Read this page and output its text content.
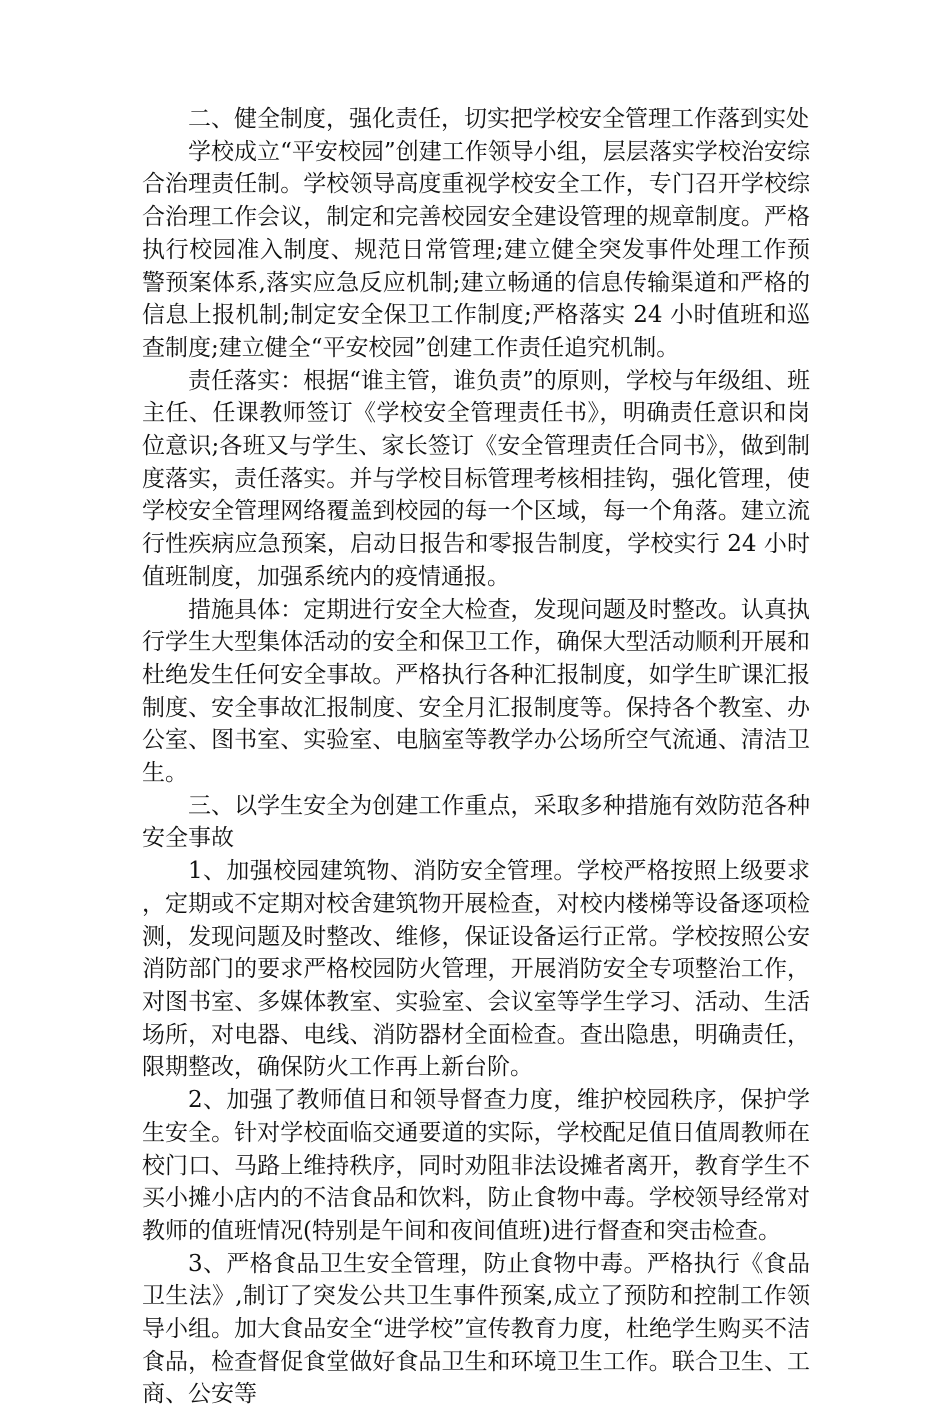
二、健全制度，强化责任，切实把学校安全管理工作落到实处

学校成立“平安校园”创建工作领导小组，层层落实学校治安综合治理责任制。学校领导高度重视学校安全工作，专门召开学校综合治理工作会议，制定和完善校园安全建设管理的规章制度。严格执行校园准入制度、规范日常管理;建立健全突发事件处理工作预警预案体系,落实应急反应机制;建立畅通的信息传输渠道和严格的信息上报机制;制定安全保卫工作制度;严格落实 24 小时值班和巡查制度;建立健全“平安校园”创建工作责任追究机制。

责任落实：根据“谁主管，谁负责”的原则，学校与年级组、班主任、任课教师签订《学校安全管理责任书》，明确责任意识和岗位意识;各班又与学生、家长签订《安全管理责任合同书》，做到制度落实，责任落实。并与学校目标管理考核相挂钩，强化管理，使学校安全管理网络覆盖到校园的每一个区域，每一个角落。建立流行性疾病应急预案，启动日报告和零报告制度，学校实行 24 小时值班制度，加强系统内的疫情通报。

措施具体：定期进行安全大检查，发现问题及时整改。认真执行学生大型集体活动的安全和保卫工作，确保大型活动顺利开展和杜绝发生任何安全事故。严格执行各种汇报制度，如学生旷课汇报制度、安全事故汇报制度、安全月汇报制度等。保持各个教室、办公室、图书室、实验室、电脑室等教学办公场所空气流通、清洁卫生。

三、以学生安全为创建工作重点，采取多种措施有效防范各种安全事故

1、加强校园建筑物、消防安全管理。学校严格按照上级要求，定期或不定期对校舍建筑物开展检查，对校内楼梯等设备逐项检测，发现问题及时整改、维修，保证设备运行正常。学校按照公安消防部门的要求严格校园防火管理，开展消防安全专项整治工作，对图书室、多媒体教室、实验室、会议室等学生学习、活动、生活场所，对电器、电线、消防器材全面检查。查出隐患，明确责任，限期整改，确保防火工作再上新台阶。

2、加强了教师值日和领导督查力度，维护校园秩序，保护学生安全。针对学校面临交通要道的实际，学校配足值日值周教师在校门口、马路上维持秩序，同时劝阻非法设摊者离开，教育学生不买小摊小店内的不洁食品和饮料，防止食物中毒。学校领导经常对教师的值班情况(特别是午间和夜间值班)进行督查和突击检查。

3、严格食品卫生安全管理，防止食物中毒。严格执行《食品卫生法》,制订了突发公共卫生事件预案,成立了预防和控制工作领导小组。加大食品安全“进学校”宣传教育力度，杜绝学生购买不洁食品，检查督促食堂做好食品卫生和环境卫生工作。联合卫生、工商、公安等
